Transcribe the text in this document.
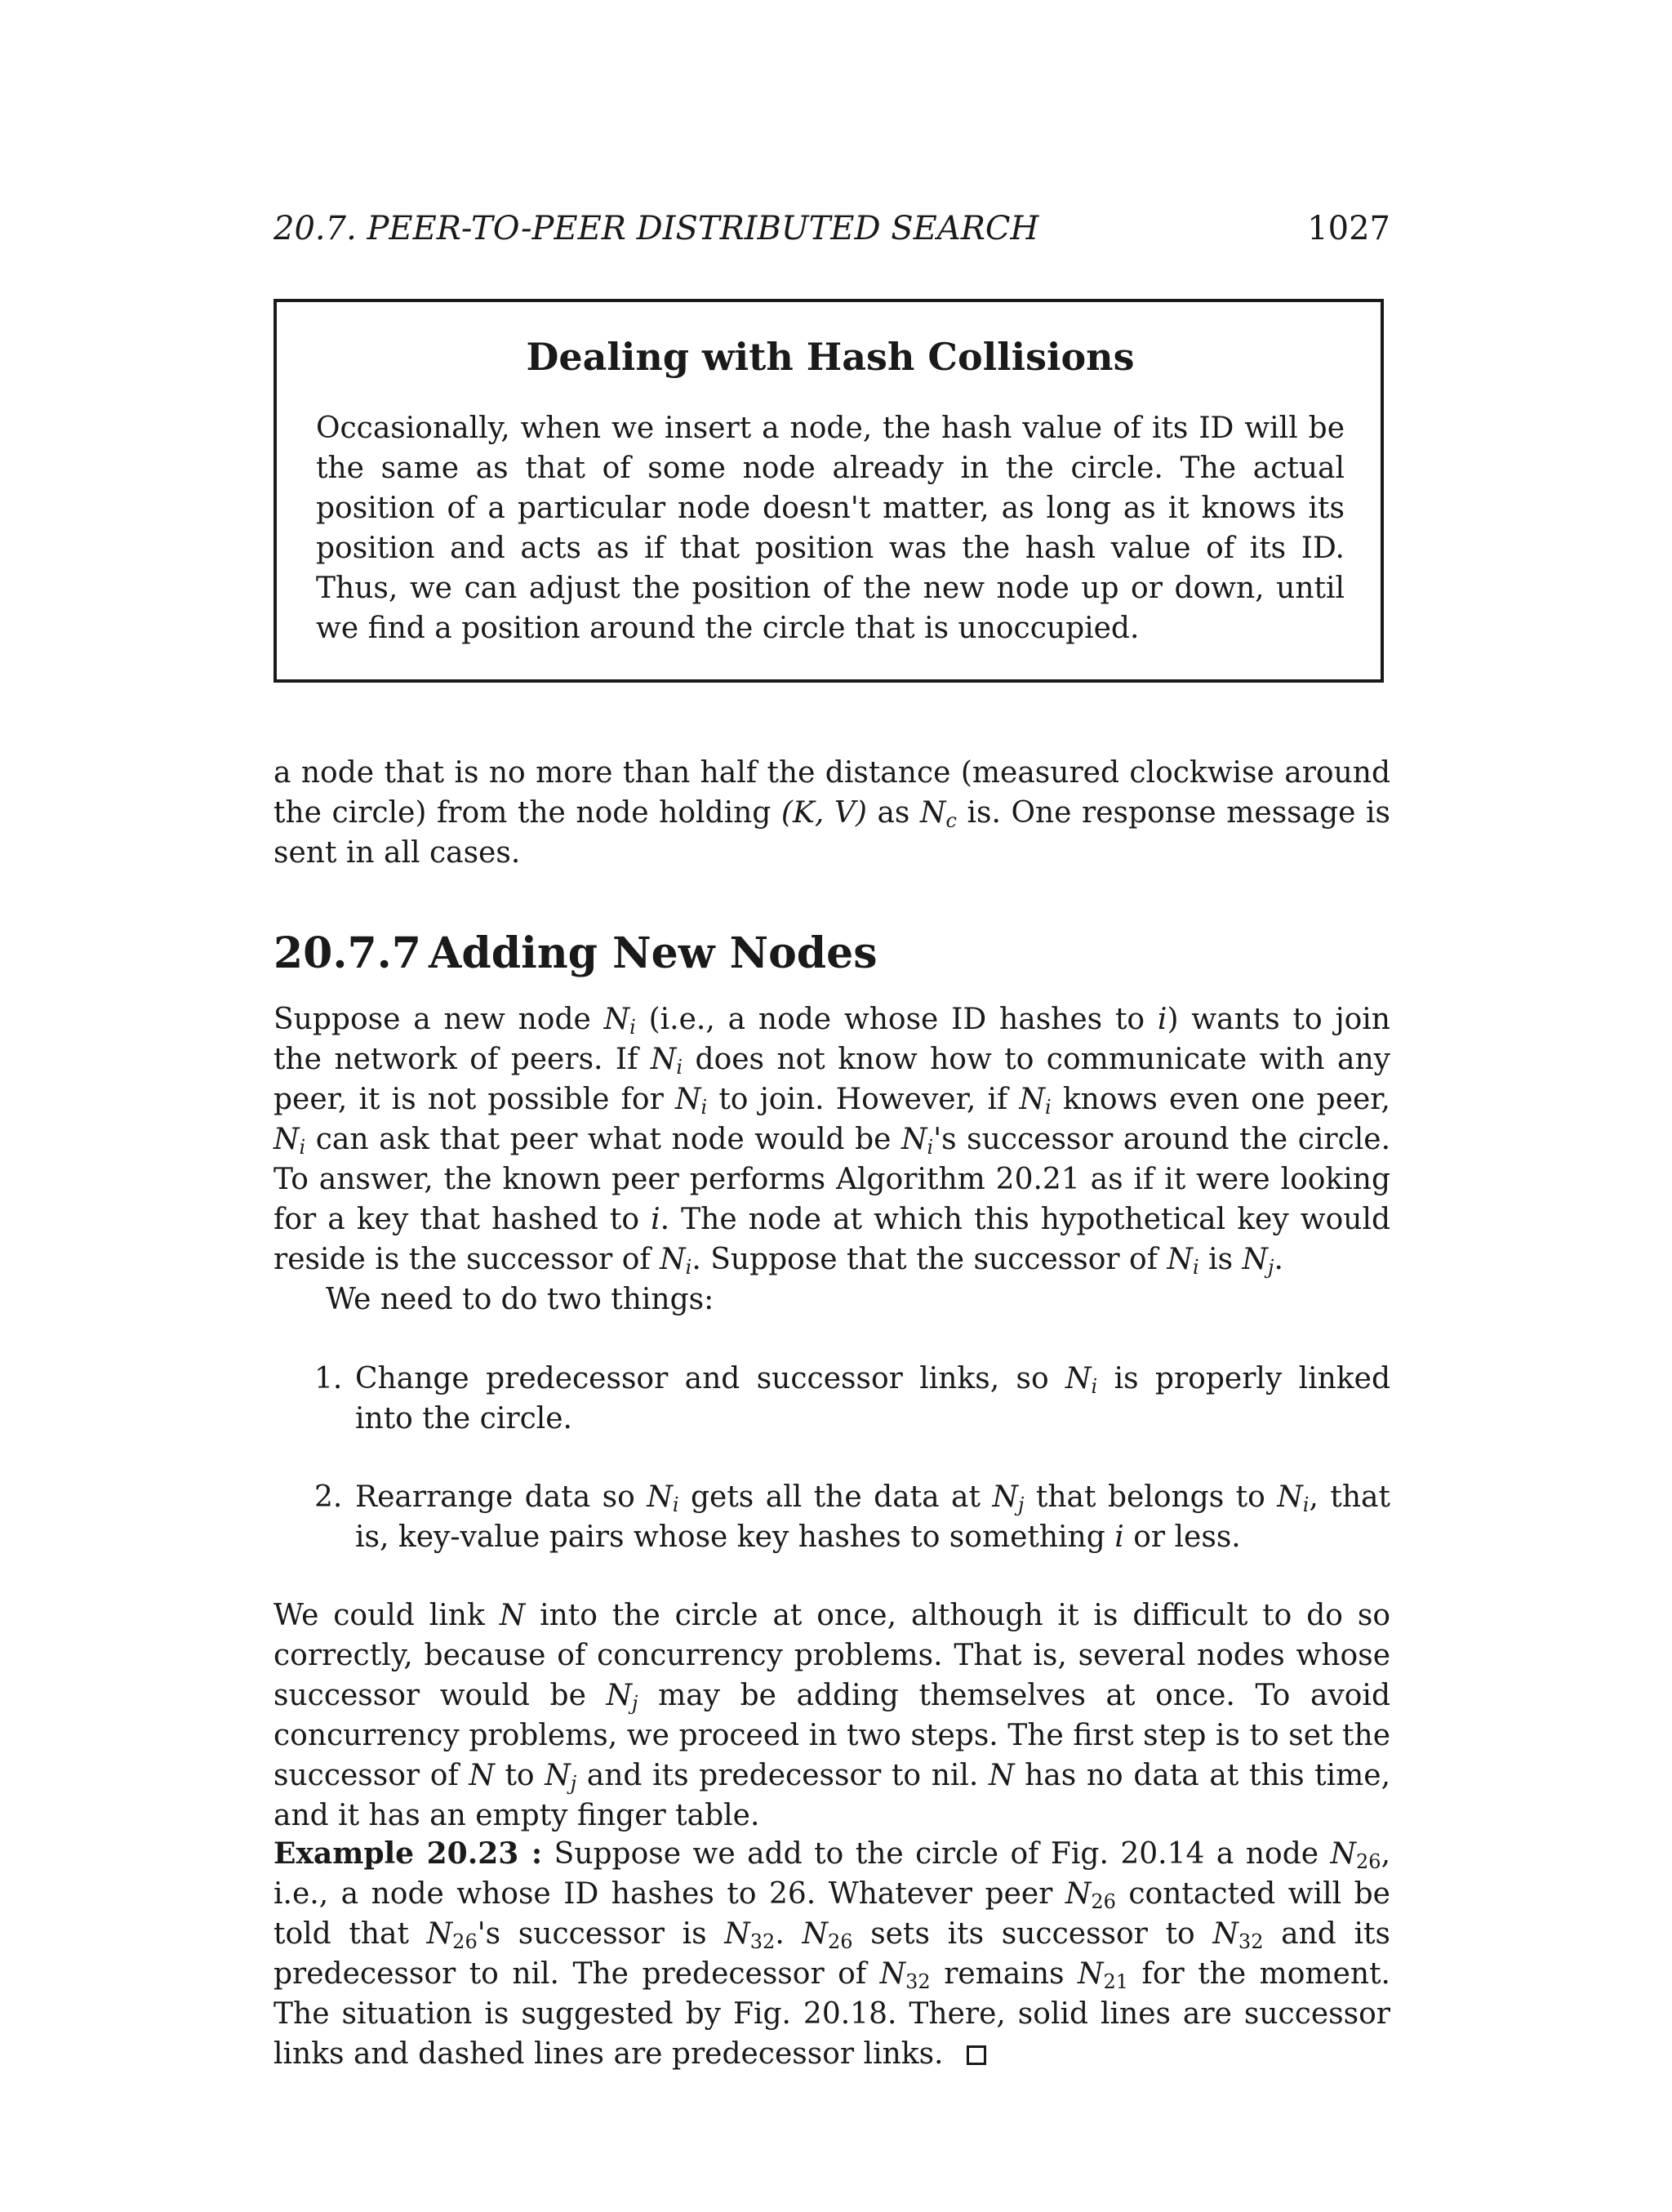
20.7. PEER-TO-PEER DISTRIBUTED SEARCH	1027
Dealing with Hash Collisions

Occasionally, when we insert a node, the hash value of its ID will be the same as that of some node already in the circle. The actual position of a particular node doesn't matter, as long as it knows its position and acts as if that position was the hash value of its ID. Thus, we can adjust the position of the new node up or down, until we find a position around the circle that is unoccupied.

a node that is no more than half the distance (measured clockwise around the circle) from the node holding (K, V) as $N_c$ is. One response message is sent in all cases.

20.7.7 Adding New Nodes

Suppose a new node $N_i$ (i.e., a node whose ID hashes to i) wants to join the network of peers. If $N_i$ does not know how to communicate with any peer, it is not possible for $N_i$ to join. However, if $N_i$ knows even one peer, $N_i$ can ask that peer what node would be $N_i's$ successor around the circle. To answer, the known peer performs Algorithm 20.21 as if it were looking for a key that hashed to i. The node at which this hypothetical key would reside is the successor of $N_i$. Suppose that the successor of $N_i$ is $N_j$.

We need to do two things:

1. Change predecessor and successor links, so $N_i$ is properly linked into the circle.

2. Rearrange data so $N_i$ gets all the data at $N_j$ that belongs to $N_i$, that is, key-value pairs whose key hashes to something i or less.

We could link N into the circle at once, although it is difficult to do so correctly, because of concurrency problems. That is, several nodes whose successor would be $N_j$ may be adding themselves at once. To avoid concurrency problems, we proceed in two steps. The first step is to set the successor of N to $N_j$ and its predecessor to nil. N has no data at this time, and it has an empty finger table.

Example 20.23 : Suppose we add to the circle of Fig. 20.14 a node $N_{26}$, i.e., a node whose ID hashes to 26. Whatever peer $N_{26}$ contacted will be told that $N_{26}'s$ successor is $N_{32}$. $N_{26}$ sets its successor to $N_{32}$ and its predecessor to nil. The predecessor of $N_{32}$ remains $N_{21}$ for the moment. The situation is suggested by Fig. 20.18. There, solid lines are successor links and dashed lines are predecessor links.
